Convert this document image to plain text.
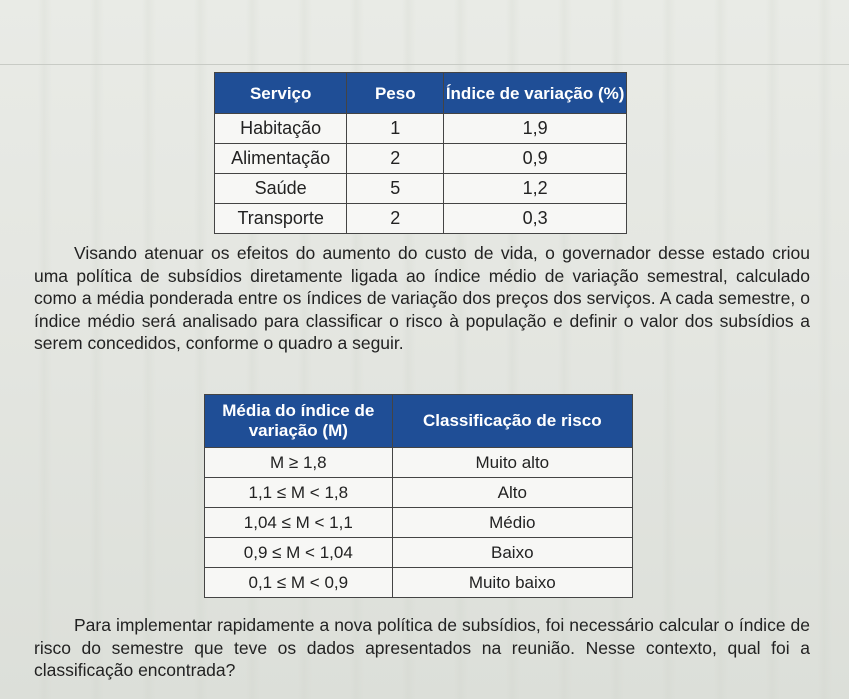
Serviço	Peso	Índice de variação (%)
Habitação	1	1,9
Alimentação	2	0,9
Saúde	5	1,2
Transporte	2	0,3

Visando atenuar os efeitos do aumento do custo de vida, o governador desse estado criou uma política de subsídios diretamente ligada ao índice médio de variação semestral, calculado como a média ponderada entre os índices de variação dos preços dos serviços. A cada semestre, o índice médio será analisado para classificar o risco à população e definir o valor dos subsídios a serem concedidos, conforme o quadro a seguir.

Média do índice de variação (M)	Classificação de risco
M ≥ 1,8	Muito alto
1,1 ≤ M < 1,8	Alto
1,04 ≤ M < 1,1	Médio
0,9 ≤ M < 1,04	Baixo
0,1 ≤ M < 0,9	Muito baixo

Para implementar rapidamente a nova política de subsídios, foi necessário calcular o índice de risco do semestre que teve os dados apresentados na reunião. Nesse contexto, qual foi a classificação encontrada?
